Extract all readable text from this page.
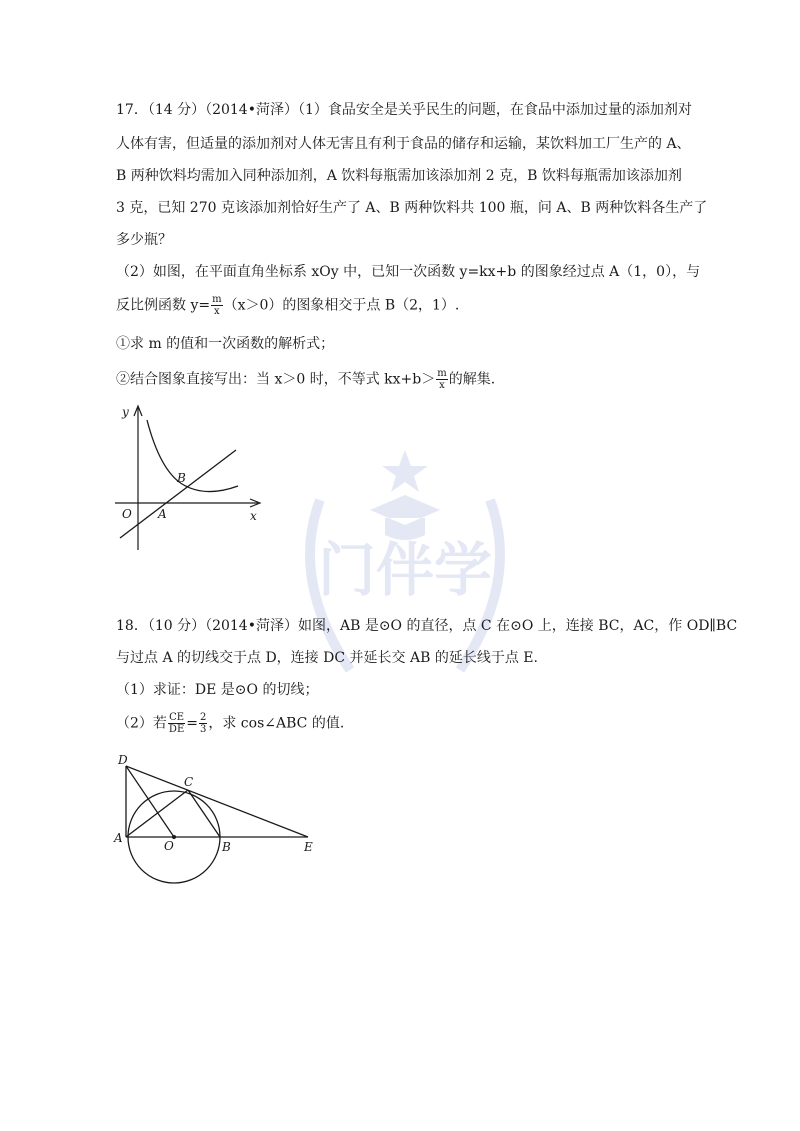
门伴学
17．（14 分）（2014•菏泽）（1）食品安全是关乎民生的问题，在食品中添加过量的添加剂对
人体有害，但适量的添加剂对人体无害且有利于食品的储存和运输，某饮料加工厂生产的 A、
B 两种饮料均需加入同种添加剂，A 饮料每瓶需加该添加剂 2 克，B 饮料每瓶需加该添加剂
3 克，已知 270 克该添加剂恰好生产了 A、B 两种饮料共 100 瓶，问 A、B 两种饮料各生产了
多少瓶？
（2）如图，在平面直角坐标系 xOy 中，已知一次函数 y=kx+b 的图象经过点 A（1，0），与
反比例函数 $y= \frac{m}{x} (x>0)$的图象相交于点 B（2，1）.
①求 m 的值和一次函数的解析式；
②结合图象直接写出：当 x＞0 时，不等式 $kx+b> \frac{m}{x}$ 的解集.
y
x
O A
B
18．（10 分）（2014•菏泽）如图，AB 是⊙O 的直径，点 C 在⊙O 上，连接 BC，AC，作 OD∥BC
与过点 A 的切线交于点 D，连接 DC 并延长交 AB 的延长线于点 E.
（1）求证：DE 是⊙O 的切线；
（2）若 $\frac{CE}{DE} = \frac{2}{3}$ ，求 cos∠ABC 的值.
D
C
A
O	B	E
